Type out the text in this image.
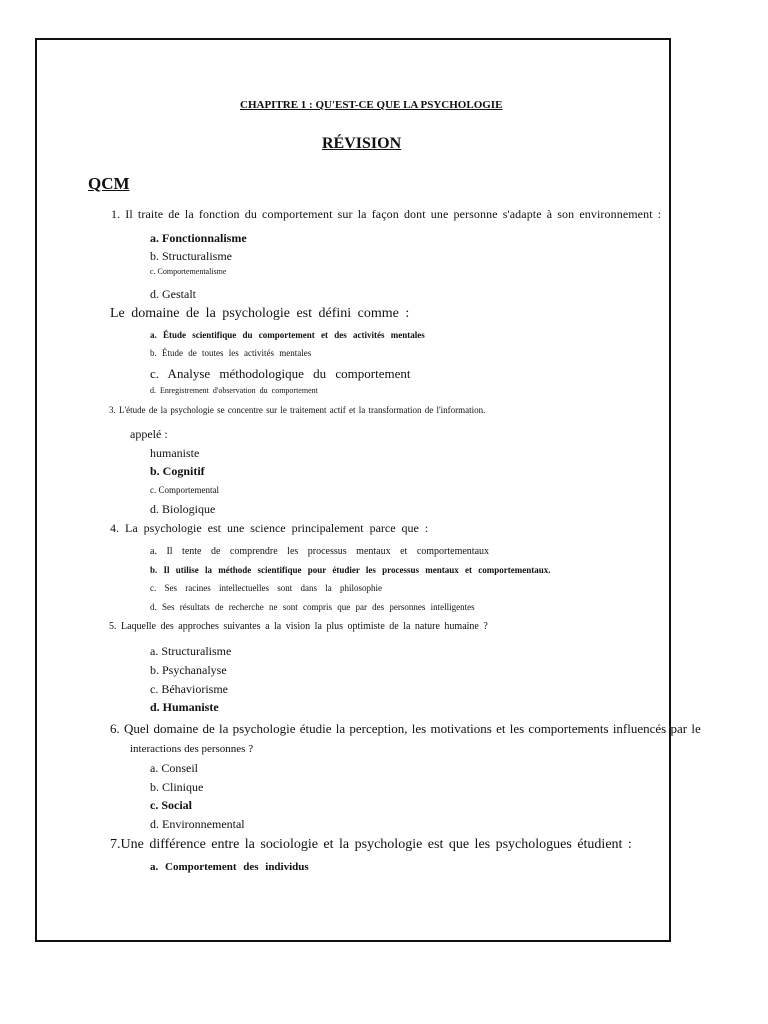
CHAPITRE 1 : QU'EST-CE QUE LA PSYCHOLOGIE
RÉVISION
QCM
1. Il traite de la fonction du comportement sur la façon dont une personne s'adapte à son environnement :
a. Fonctionnalisme
b. Structuralisme
c. Comportementalisme
d. Gestalt
Le domaine de la psychologie est défini comme :
a. Étude scientifique du comportement et des activités mentales
b. Étude de toutes les activités mentales
c. Analyse méthodologique du comportement
d. Enregistrement d'observation du comportement
3. L'étude de la psychologie se concentre sur le traitement actif et la transformation de l'information.
appelé :
humaniste
b. Cognitif
c. Comportemental
d. Biologique
4. La psychologie est une science principalement parce que :
a. Il tente de comprendre les processus mentaux et comportementaux
b. Il utilise la méthode scientifique pour étudier les processus mentaux et comportementaux.
c. Ses racines intellectuelles sont dans la philosophie
d. Ses résultats de recherche ne sont compris que par des personnes intelligentes
5. Laquelle des approches suivantes a la vision la plus optimiste de la nature humaine ?
a. Structuralisme
b. Psychanalyse
c. Béhaviorisme
d. Humaniste
6. Quel domaine de la psychologie étudie la perception, les motivations et les comportements influencés par le
interactions des personnes ?
a. Conseil
b. Clinique
c. Social
d. Environnemental
7.Une différence entre la sociologie et la psychologie est que les psychologues étudient :
a. Comportement des individus
